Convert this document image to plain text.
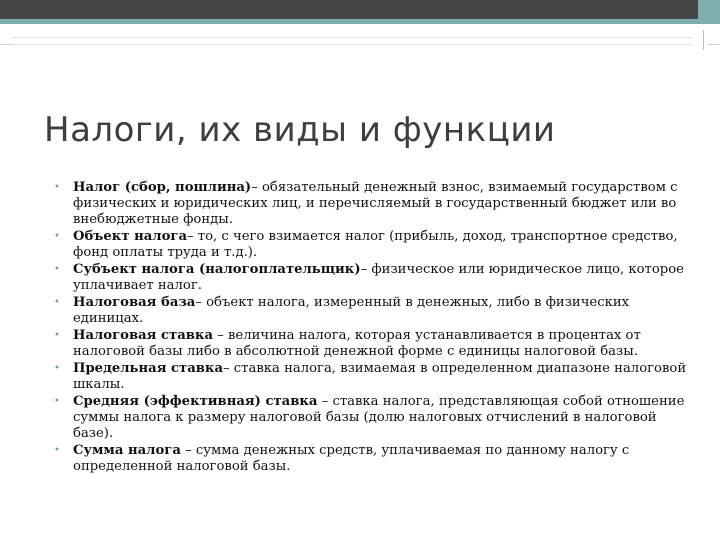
Налоги, их виды и функции
• Налог (сбор, пошлина)– обязательный денежный взнос, взимаемый государством с физических и юридических лиц, и перечисляемый в государственный бюджет или во внебюджетные фонды.
• Объект налога– то, с чего взимается налог (прибыль, доход, транспортное средство, фонд оплаты труда и т.д.).
• Субъект налога (налогоплательщик)– физическое или юридическое лицо, которое уплачивает налог.
• Налоговая база– объект налога, измеренный в денежных, либо в физических единицах.
• Налоговая ставка – величина налога, которая устанавливается в процентах от налоговой базы либо в абсолютной денежной форме с единицы налоговой базы.
• Предельная ставка– ставка налога, взимаемая в определенном диапазоне налоговой шкалы.
• Средняя (эффективная) ставка – ставка налога, представляющая собой отношение суммы налога к размеру налоговой базы (долю налоговых отчислений в налоговой базе).
• Сумма налога – сумма денежных средств, уплачиваемая по данному налогу с определенной налоговой базы.
